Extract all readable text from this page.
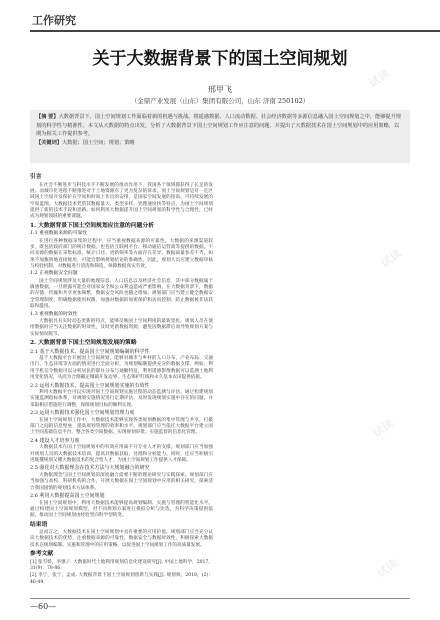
工作研究
关于大数据背景下的国土空间规划
邢甲飞
（金鼎产业发展（山东）集团有限公司，山东 济南 250102）

【摘 要】大数据背景下，国土空间规划工作面临着新的机遇与挑战。将遥感数据、人口流动数据、社会经济数据等多源信息融入国土空间规划之中，能够提升规划的科学性与精准性。本文从大数据的特点出发，分析了大数据背景下国土空间规划工作应注意的问题，并提出了大数据技术在国土空间规划中的应用策略，以期为相关工作提供参考。

【关键词】大数据；国土空间；规划；策略

引言

在社会不断进步与科技水平不断发展的推动作用下，我国各个领域都获得了长足的发展。而城市化进程不断推进对于土地资源有了更为复杂的诉求。国土空间规划是对一定区域国土空间开发保护在空间和时间上作出的安排，是国家空间发展的指南、可持续发展的空间蓝图。大数据技术凭借其数据量大、类型多样、处理速度快等特点，为国土空间规划提供了新的技术手段和思路。如何利用大数据提升国土空间规划的科学性与合理性，已经成为规划领域的重要课题。

1. 大数据背景下国土空间规划应注意的问题分析
1.1 重视数据来源的可靠性

在进行各种数据采集的过程中，应当重视数据来源的可靠性。大数据的来源渠道较多，既包括政府部门的统计数据，也包括互联网平台、移动通信运营商等提供的数据。不同来源的数据在采集标准、统计口径、更新频率等方面存在差异，数据质量参差不齐，如果不加甄别地直接使用，可能会影响规划结论的准确性。因此，规划人员应建立数据审核与校验机制，对数据进行清洗和筛选，保障数据真实有效。

1.2 正视数据安全问题

国土空间规划涉及大量的地理信息、人口信息以及经济社会信息，其中部分数据属于敏感数据，一旦泄露可能会对国家安全和公众利益造成严重影响。在大数据背景下，数据的存储、传输和共享更加频繁，数据安全风险也随之增加。规划部门应当建立健全数据安全管理制度，明确数据使用权限，加强对数据的加密保护和访问控制，防止数据被非法获取和滥用。

1.3 重视数据的时效性

大数据具有实时动态更新的特点，能够反映国土空间利用的最新变化。规划人员在使用数据时应当关注数据的时效性，及时更新数据资源，避免因数据滞后而导致规划方案与实际情况脱节。

2. 大数据背景下国土空间规划发展的策略
2.1 基于大数据技术，提高国土空间规划编制的科学性

基于大数据平台开展国土空间规划，能够对城市与乡村的人口分布、产业布局、交通出行、生态环境等方面的情况进行全面分析，为规划编制提供充分的数据支撑。例如，利用手机信令数据可以分析居民的职住分布与通勤特征，利用遥感影像数据可以监测土地利用变化情况，从而为合理确定城镇开发边界、生态保护红线和永久基本农田提供依据。

2.2 运用大数据技术，提高国土空间规划实施的有效性

利用大数据平台可以实现对国土空间规划实施过程的动态监测与评估。通过构建规划实施监测指标体系，对规划实施情况进行定期评估，及时发现规划实施中存在的问题，并采取相应措施进行调整，保障规划目标的顺利实现。

2.3 运用大数据技术强化国土空间规划管理力度

在国土空间规划工作中，大数据技术能够实现各类规划数据的集中管理与共享，打破部门之间的信息壁垒，提高规划管理的效率和水平。规划部门应当依托大数据平台建立国土空间基础信息平台，整合各类空间数据，实现规划审批、实施监督的信息化管理。

2.4 建设人才培养力度

大数据技术在国土空间规划中的有效应用离不开专业人才的支撑。规划部门应当加强对规划人员的大数据技术培训，提高其数据获取、处理和分析能力。同时，还应当积极引进既懂规划又懂大数据技术的复合型人才，为国土空间规划工作提供人才保障。

2.5 强化对大数据理念在技术方法与大规划融合的研究

大数据理念与国土空间规划的深度融合需要不断的理论研究与实践探索。规划部门应当加强与高校、科研机构的合作，开展大数据在国土空间规划中应用的相关研究，探索适合我国国情的规划技术方法体系。

2.6 利用大数据提高国土空间规划

在国土空间规划中，利用大数据技术能够提高规划编制、实施与管理的智能化水平。通过构建国土空间规划模型，对不同规划方案进行模拟分析与比选，为科学决策提供依据，推动国土空间规划由经验型向科学型转变。

结束语

总而言之，大数据技术在国土空间规划中具有重要的应用价值。规划部门应当充分认识大数据技术的优势，注重数据来源的可靠性、数据安全与数据时效性，积极探索大数据技术在规划编制、实施和管理中的应用策略，以促进国土空间规划工作的高质量发展。

参考文献

[1] 张雪娇，李强子. 大数据时代土地利用规划信息化建设研究[J]. 中国土地科学，2017，31(9)：78-86.

[2] 李宁，张宁，孟成. 大数据背景下国土空间规划创新与实践[J]. 规划师，2018，(2)：46-49.

—60—
试读
试读
试读
试读
